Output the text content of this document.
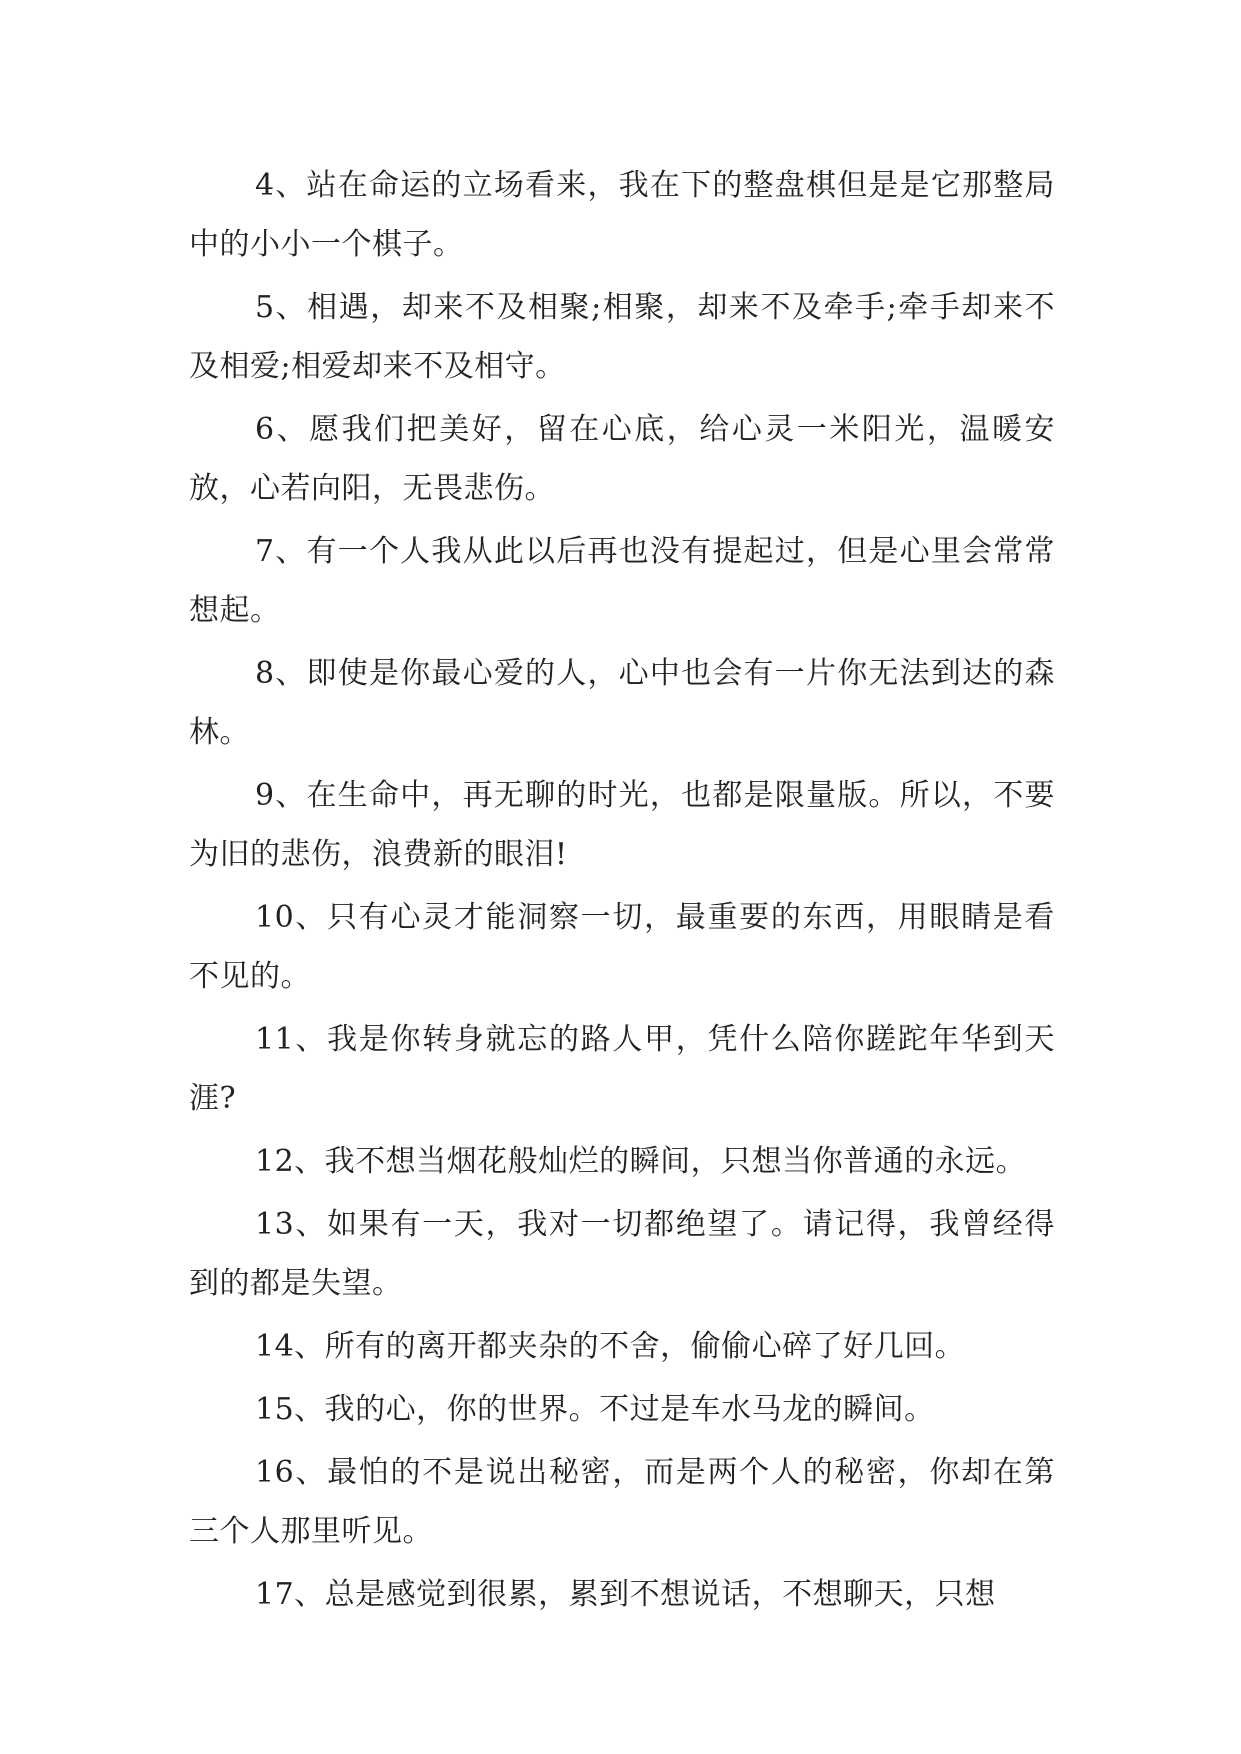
4、站在命运的立场看来，我在下的整盘棋但是是它那整局中的小小一个棋子。

5、相遇，却来不及相聚;相聚，却来不及牵手;牵手却来不及相爱;相爱却来不及相守。

6、愿我们把美好，留在心底，给心灵一米阳光，温暖安放，心若向阳，无畏悲伤。

7、有一个人我从此以后再也没有提起过，但是心里会常常想起。

8、即使是你最心爱的人，心中也会有一片你无法到达的森林。

9、在生命中，再无聊的时光，也都是限量版。所以，不要为旧的悲伤，浪费新的眼泪!

10、只有心灵才能洞察一切，最重要的东西，用眼睛是看不见的。

11、我是你转身就忘的路人甲，凭什么陪你蹉跎年华到天涯?

12、我不想当烟花般灿烂的瞬间，只想当你普通的永远。

13、如果有一天，我对一切都绝望了。请记得，我曾经得到的都是失望。

14、所有的离开都夹杂的不舍，偷偷心碎了好几回。

15、我的心，你的世界。不过是车水马龙的瞬间。

16、最怕的不是说出秘密，而是两个人的秘密，你却在第三个人那里听见。

17、总是感觉到很累，累到不想说话，不想聊天，只想
